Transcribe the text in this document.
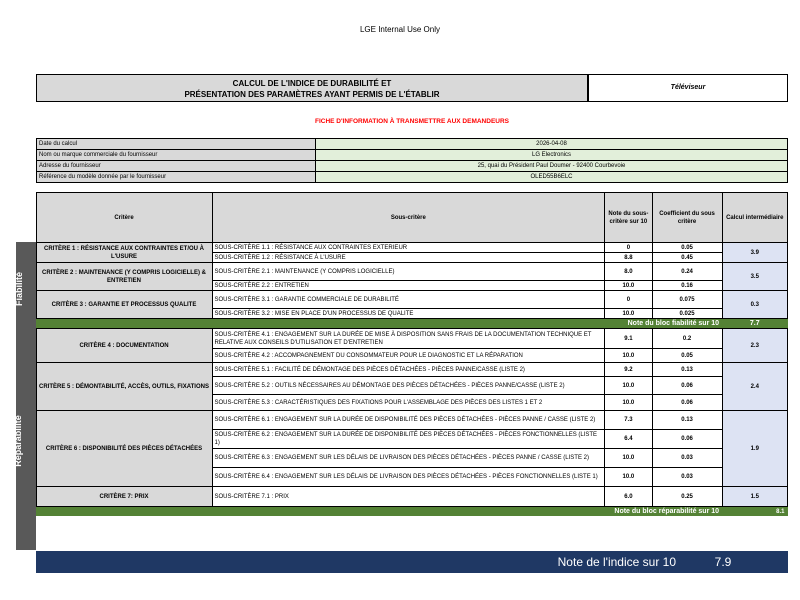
LGE Internal Use Only
CALCUL DE L'INDICE DE DURABILITÉ ET
PRÉSENTATION DES PARAMÈTRES AYANT PERMIS DE L'ÉTABLIR
Téléviseur
FICHE D'INFORMATION À TRANSMETTRE AUX DEMANDEURS
Date du calcul	2026-04-08
Nom ou marque commerciale du fournisseur	LG Electronics
Adresse du fournisseur	25, quai du Président Paul Doumer - 92400 Courbevoie
Référence du modèle donnée par le fournisseur	OLED55B6ELC
	Critère	Sous-critère	Note du sous-critère sur 10	Coefficient du sous critère	Calcul intermédiaire
	CRITÈRE 1 : RÉSISTANCE AUX CONTRAINTES ET/OU À L'USURE	SOUS-CRITÈRE 1.1 : RÉSISTANCE AUX CONTRAINTES EXTERIEUR	0	0.05	3.9
	SOUS-CRITÈRE 1.2 : RÉSISTANCE À L'USURE	8.8	0.45	
	CRITÈRE 2 : MAINTENANCE (Y COMPRIS LOGICIELLE) & ENTRETIEN	SOUS-CRITÈRE 2.1 : MAINTENANCE (Y COMPRIS LOGICIELLE)	8.0	0.24	3.5
	SOUS-CRITÈRE 2.2 : ENTRETIEN	10.0	0.16	
	CRITÈRE 3 : GARANTIE ET PROCESSUS QUALITE	SOUS-CRITÈRE 3.1 : GARANTIE COMMERCIALE DE DURABILITÉ	0	0.075	0.3
	SOUS-CRITÈRE 3.2 : MISE EN PLACE D'UN PROCESSUS DE QUALITE	10.0	0.025	
	Note du bloc fiabilité sur 10				7.7
	CRITÈRE 4 : DOCUMENTATION	SOUS-CRITÈRE 4.1 : ENGAGEMENT SUR LA DURÉE DE MISE À DISPOSITION SANS FRAIS DE LA DOCUMENTATION TECHNIQUE ET RELATIVE AUX CONSEILS D'UTILISATION ET D'ENTRETIEN	9.1	0.2	2.3
	SOUS-CRITÈRE 4.2 : ACCOMPAGNEMENT DU CONSOMMATEUR POUR LE DIAGNOSTIC ET LA RÉPARATION	10.0	0.05	
	CRITÈRE 5 : DÉMONTABILITÉ, ACCÈS, OUTILS, FIXATIONS	SOUS-CRITÈRE 5.1 : FACILITÉ DE DÉMONTAGE DES PIÈCES DÉTACHÉES - PIÈCES PANNE/CASSE (LISTE 2)	9.2	0.13	2.4
	SOUS-CRITÈRE 5.2 : OUTILS NÉCESSAIRES AU DÉMONTAGE DES PIÈCES DÉTACHÉES - PIÈCES PANNE/CASSE (LISTE 2)	10.0	0.06	
	SOUS-CRITÈRE 5.3 : CARACTÉRISTIQUES DES FIXATIONS POUR L'ASSEMBLAGE DES PIÈCES DES LISTES 1 ET 2	10.0	0.06	
	CRITÈRE 6 : DISPONIBILITÉ DES PIÈCES DÉTACHÉES	SOUS-CRITÈRE 6.1 : ENGAGEMENT SUR LA DURÉE DE DISPONIBILITÉ DES PIÈCES DÉTACHÉES - PIÈCES PANNE / CASSE (LISTE 2)	7.3	0.13	1.9
	SOUS-CRITÈRE 6.2 : ENGAGEMENT SUR LA DURÉE DE DISPONIBILITÉ DES PIÈCES DÉTACHÉES - PIÈCES FONCTIONNELLES (LISTE 1)	6.4	0.06	
	SOUS-CRITÈRE 6.3 : ENGAGEMENT SUR LES DÉLAIS DE LIVRAISON DES PIÈCES DÉTACHÉES - PIÈCES PANNE / CASSE (LISTE 2)	10.0	0.03	
	SOUS-CRITÈRE 6.4 : ENGAGEMENT SUR LES DÉLAIS DE LIVRAISON DES PIÈCES DÉTACHÉES - PIÈCES FONCTIONNELLES (LISTE 1)	10.0	0.03	
	CRITÈRE 7: PRIX	SOUS-CRITÈRE 7.1 : PRIX	6.0	0.25	1.5
	Note du bloc réparabilité sur 10				8.1
Fiabilité
Réparabilité
Note de l'indice sur 10	7.9
